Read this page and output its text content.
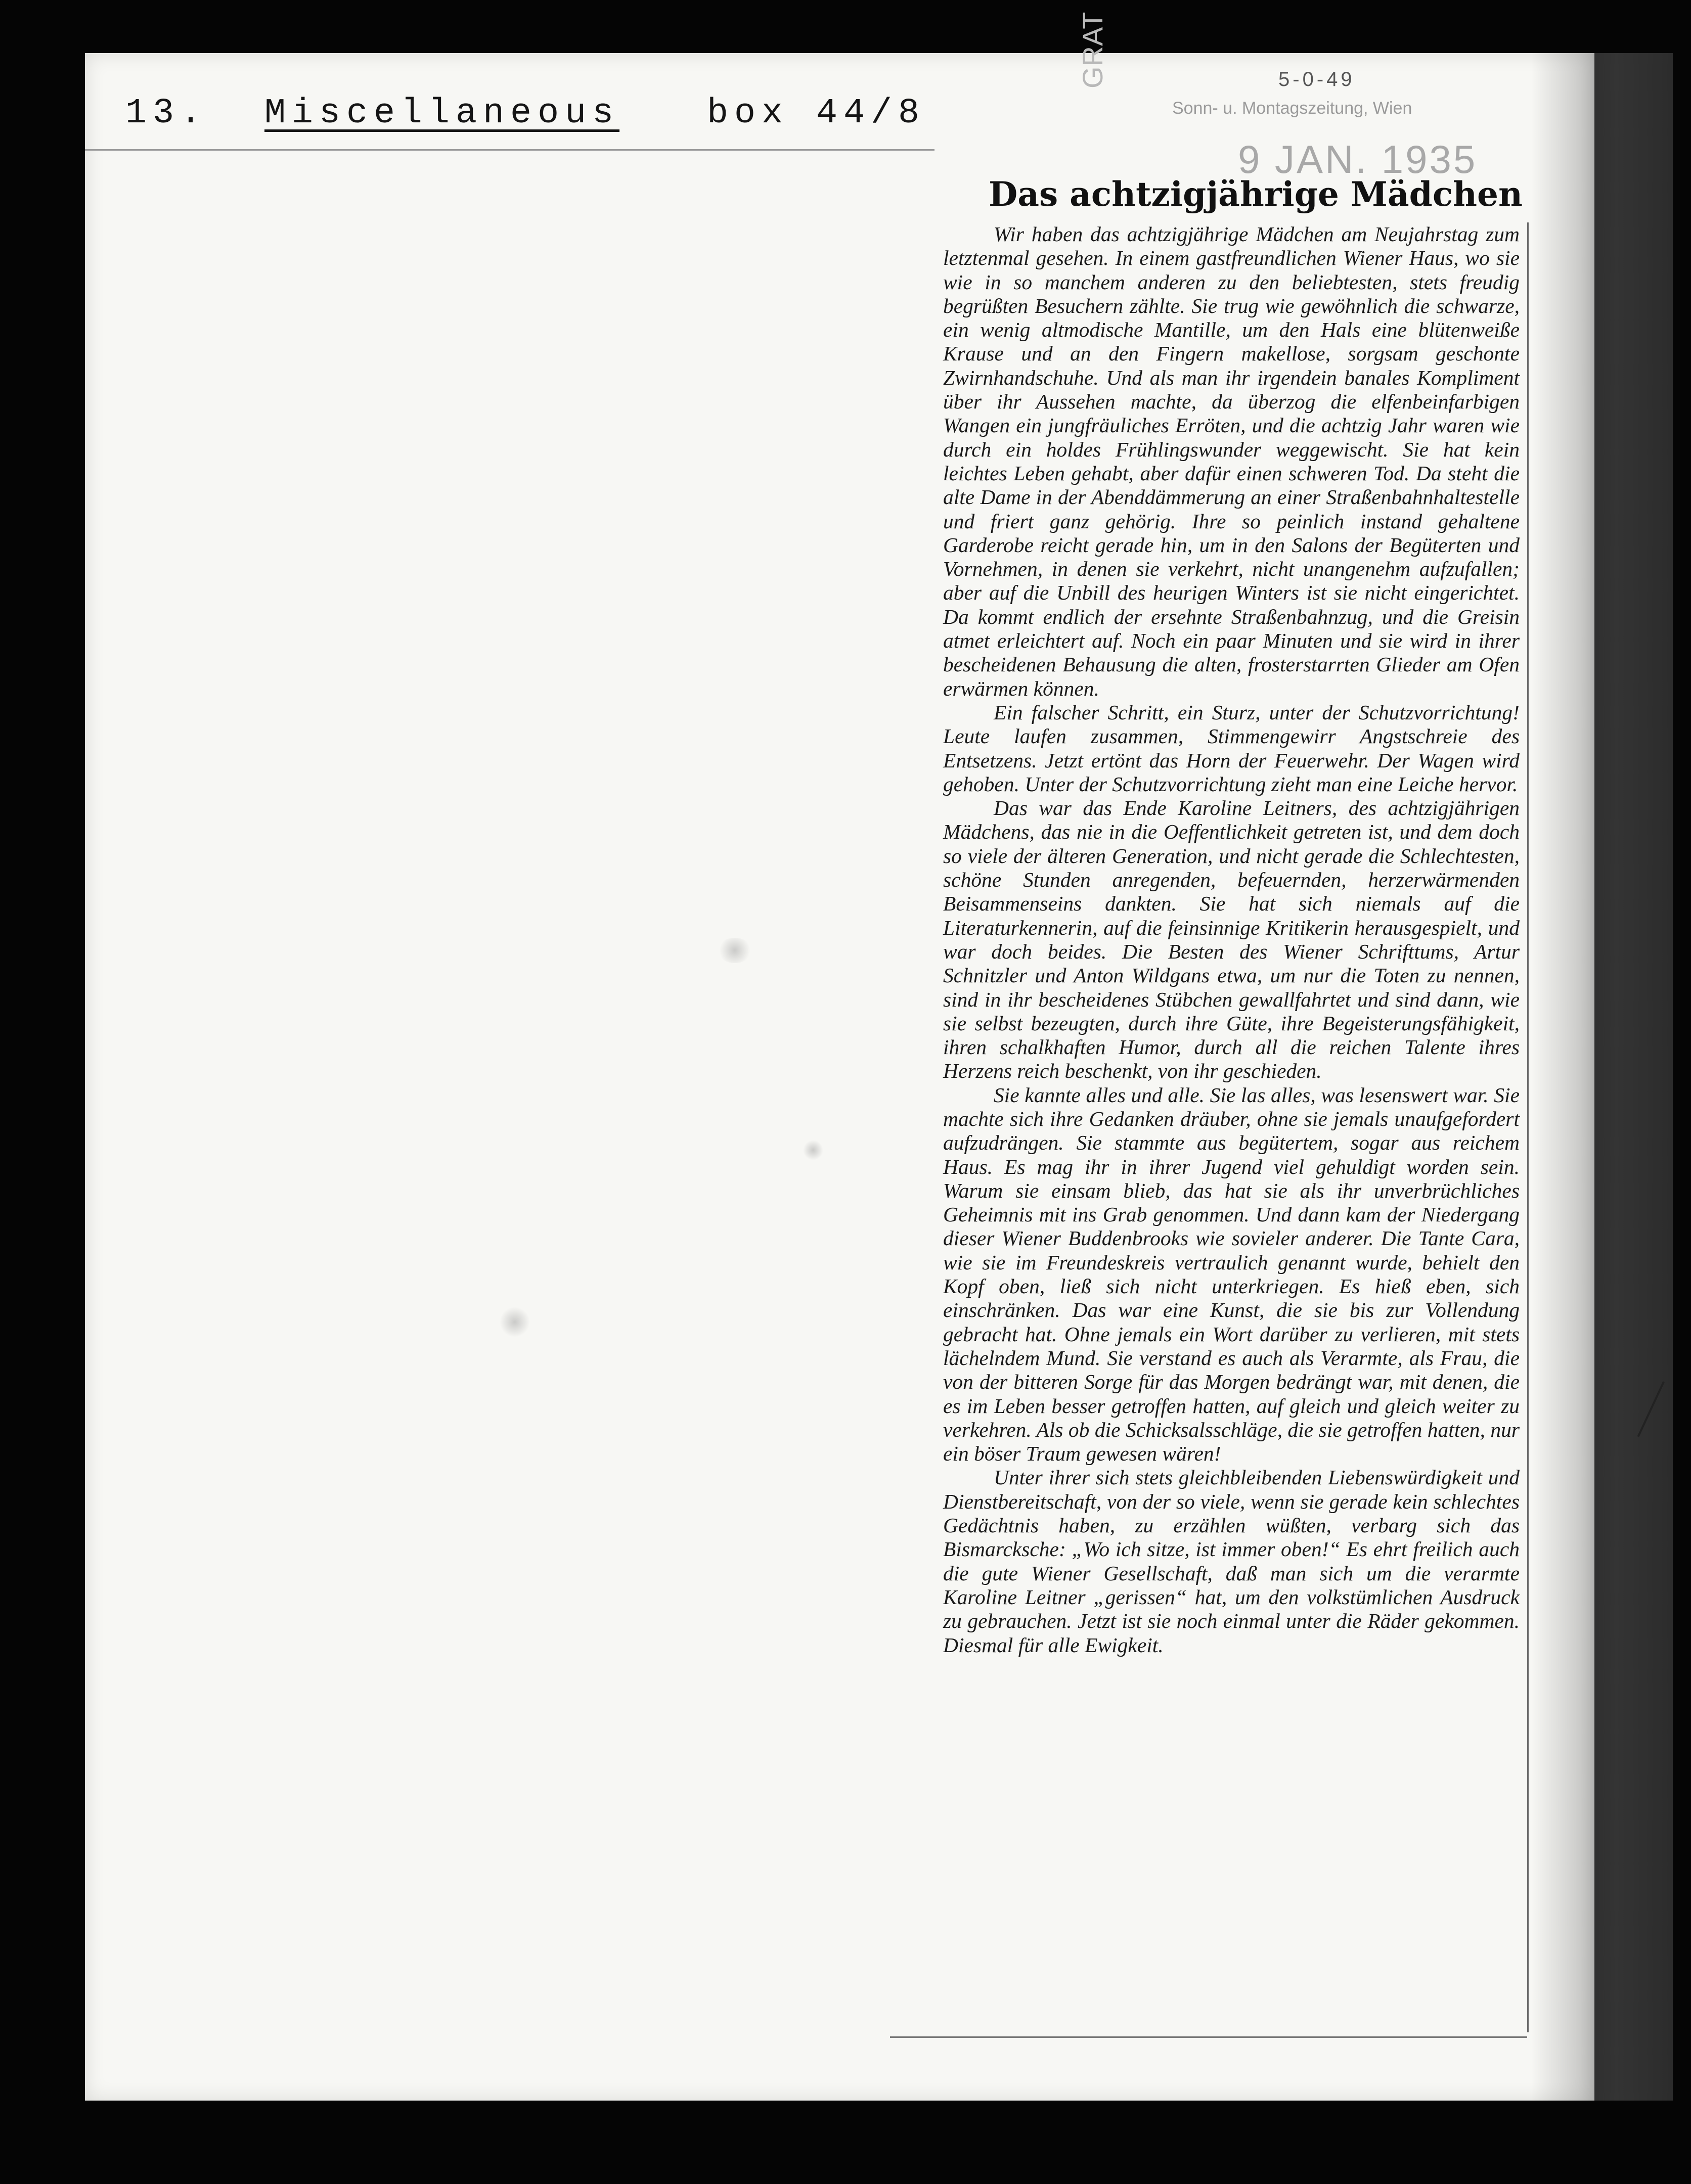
13. Miscellaneous box 44/8
GRAT	5-0-49
Sonn- u. Montagszeitung, Wien
9 JAN. 1935
Das achtzigjährige Mädchen

Wir haben das achtzigjährige Mädchen am Neujahrstag zum letztenmal gesehen. In einem gastfreundlichen Wiener Haus, wo sie wie in so manchem anderen zu den beliebtesten, stets freudig begrüßten Besuchern zählte. Sie trug wie gewöhnlich die schwarze, ein wenig altmodische Mantille, um den Hals eine blütenweiße Krause und an den Fingern makellose, sorgsam geschonte Zwirnhandschuhe. Und als man ihr irgendein banales Kompliment über ihr Aussehen machte, da überzog die elfenbeinfarbigen Wangen ein jungfräuliches Erröten, und die achtzig Jahr waren wie durch ein holdes Frühlingswunder weggewischt. Sie hat kein leichtes Leben gehabt, aber dafür einen schweren Tod. Da steht die alte Dame in der Abenddämmerung an einer Straßenbahnhaltestelle und friert ganz gehörig. Ihre so peinlich instand gehaltene Garderobe reicht gerade hin, um in den Salons der Begüterten und Vornehmen, in denen sie verkehrt, nicht unangenehm aufzufallen; aber auf die Unbill des heurigen Winters ist sie nicht eingerichtet. Da kommt endlich der ersehnte Straßenbahnzug, und die Greisin atmet erleichtert auf. Noch ein paar Minuten und sie wird in ihrer bescheidenen Behausung die alten, frosterstarrten Glieder am Ofen erwärmen können.

Ein falscher Schritt, ein Sturz, unter der Schutzvorrichtung! Leute laufen zusammen, Stimmengewirr Angstschreie des Entsetzens. Jetzt ertönt das Horn der Feuerwehr. Der Wagen wird gehoben. Unter der Schutzvorrichtung zieht man eine Leiche hervor.

Das war das Ende Karoline Leitners, des achtzigjährigen Mädchens, das nie in die Oeffentlichkeit getreten ist, und dem doch so viele der älteren Generation, und nicht gerade die Schlechtesten, schöne Stunden anregenden, befeuernden, herzerwärmenden Beisammenseins dankten. Sie hat sich niemals auf die Literaturkennerin, auf die feinsinnige Kritikerin herausgespielt, und war doch beides. Die Besten des Wiener Schrifttums, Artur Schnitzler und Anton Wildgans etwa, um nur die Toten zu nennen, sind in ihr bescheidenes Stübchen gewallfahrtet und sind dann, wie sie selbst bezeugten, durch ihre Güte, ihre Begeisterungsfähigkeit, ihren schalkhaften Humor, durch all die reichen Talente ihres Herzens reich beschenkt, von ihr geschieden.

Sie kannte alles und alle. Sie las alles, was lesenswert war. Sie machte sich ihre Gedanken dräuber, ohne sie jemals unaufgefordert aufzudrängen. Sie stammte aus begütertem, sogar aus reichem Haus. Es mag ihr in ihrer Jugend viel gehuldigt worden sein. Warum sie einsam blieb, das hat sie als ihr unverbrüchliches Geheimnis mit ins Grab genommen. Und dann kam der Niedergang dieser Wiener Buddenbrooks wie sovieler anderer. Die Tante Cara, wie sie im Freundeskreis vertraulich genannt wurde, behielt den Kopf oben, ließ sich nicht unterkriegen. Es hieß eben, sich einschränken. Das war eine Kunst, die sie bis zur Vollendung gebracht hat. Ohne jemals ein Wort darüber zu verlieren, mit stets lächelndem Mund. Sie verstand es auch als Verarmte, als Frau, die von der bitteren Sorge für das Morgen bedrängt war, mit denen, die es im Leben besser getroffen hatten, auf gleich und gleich weiter zu verkehren. Als ob die Schicksalsschläge, die sie getroffen hatten, nur ein böser Traum gewesen wären!

Unter ihrer sich stets gleichbleibenden Liebenswürdigkeit und Dienstbereitschaft, von der so viele, wenn sie gerade kein schlechtes Gedächtnis haben, zu erzählen wüßten, verbarg sich das Bismarcksche: „Wo ich sitze, ist immer oben!“ Es ehrt freilich auch die gute Wiener Gesellschaft, daß man sich um die verarmte Karoline Leitner „gerissen“ hat, um den volkstümlichen Ausdruck zu gebrauchen. Jetzt ist sie noch einmal unter die Räder gekommen. Diesmal für alle Ewigkeit.
